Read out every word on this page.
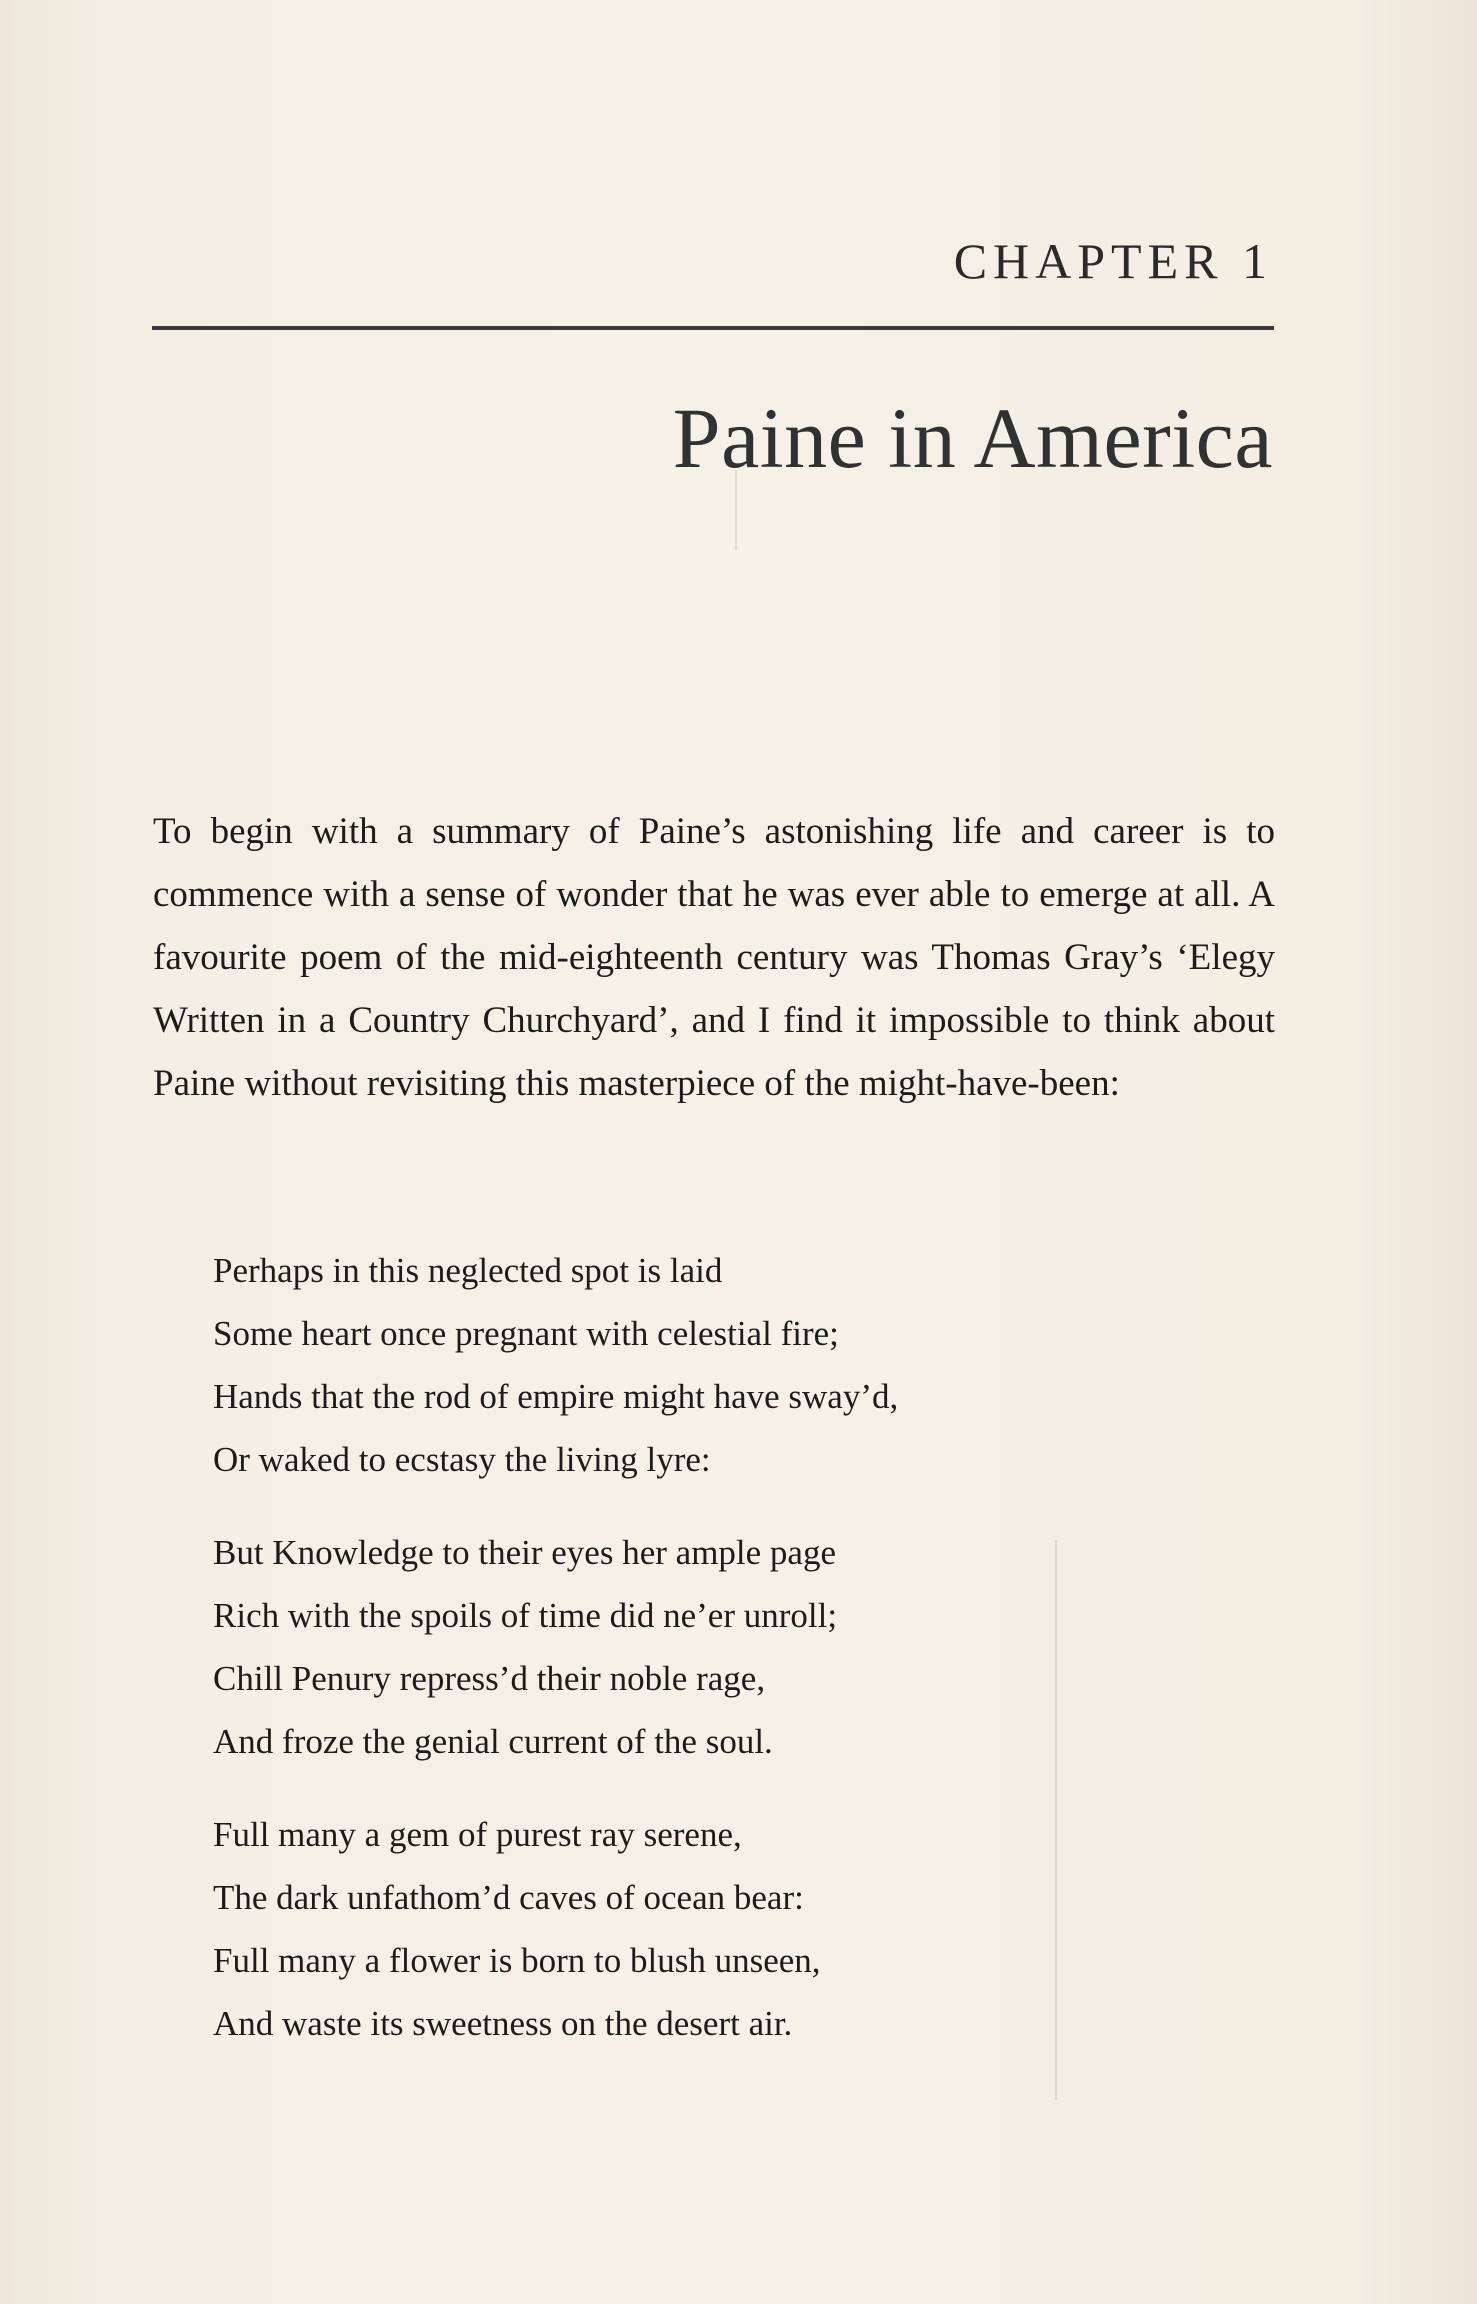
CHAPTER 1
Paine in America

To begin with a summary of Paine’s astonishing life and career is to commence with a sense of wonder that he was ever able to emerge at all. A favourite poem of the mid-eighteenth century was Thomas Gray’s ‘Elegy Written in a Country Churchyard’, and I find it impossible to think about Paine without revisiting this masterpiece of the might-have-been:

Perhaps in this neglected spot is laid
Some heart once pregnant with celestial fire;
Hands that the rod of empire might have sway’d,
Or waked to ecstasy the living lyre:
But Knowledge to their eyes her ample page
Rich with the spoils of time did ne’er unroll;
Chill Penury repress’d their noble rage,
And froze the genial current of the soul.
Full many a gem of purest ray serene,
The dark unfathom’d caves of ocean bear:
Full many a flower is born to blush unseen,
And waste its sweetness on the desert air.
